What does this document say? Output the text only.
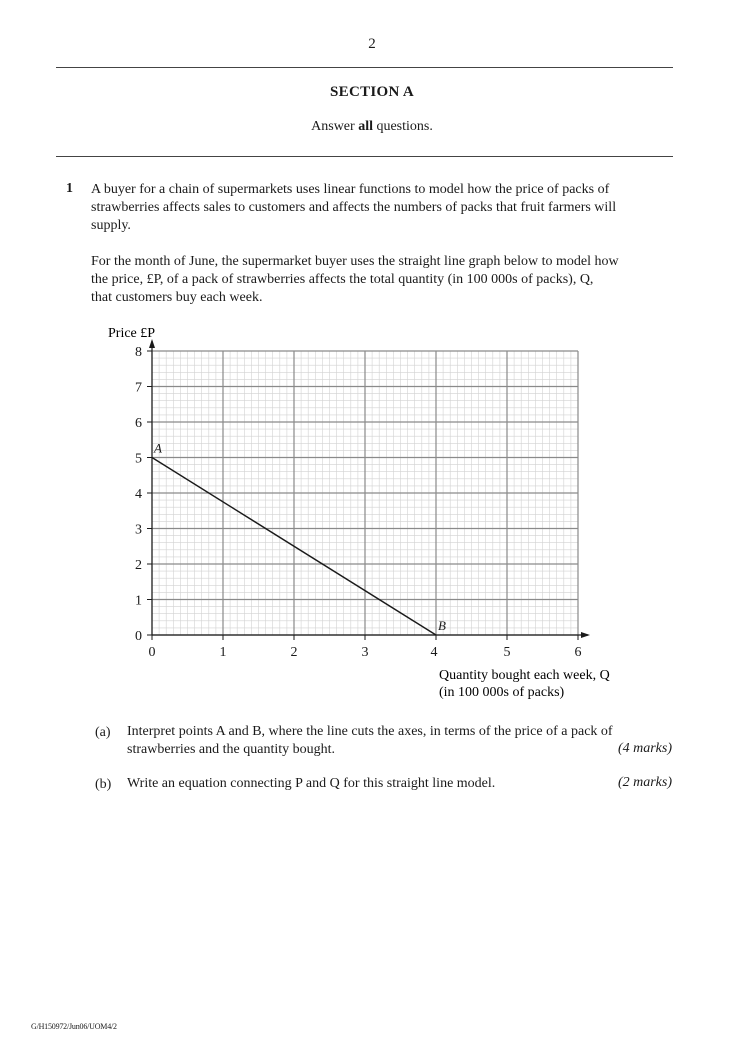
2
SECTION A
Answer all questions.
1 A buyer for a chain of supermarkets uses linear functions to model how the price of packs of
strawberries affects sales to customers and affects the numbers of packs that fruit farmers will
supply.
For the month of June, the supermarket buyer uses the straight line graph below to model how
the price, £P, of a pack of strawberries affects the total quantity (in 100 000s of packs), Q,
that customers buy each week.
0	1	2	3	4	5	6
0
1
2
3
4
5
6
7
8
A
B
Price £P
Quantity bought each week, Q
(in 100 000s of packs)
(a) Interpret points A and B, where the line cuts the axes, in terms of the price of a pack of
strawberries and the quantity bought.	(4 marks)
(b) Write an equation connecting P and Q for this straight line model.	(2 marks)
G/H150972/Jun06/UOM4/2
